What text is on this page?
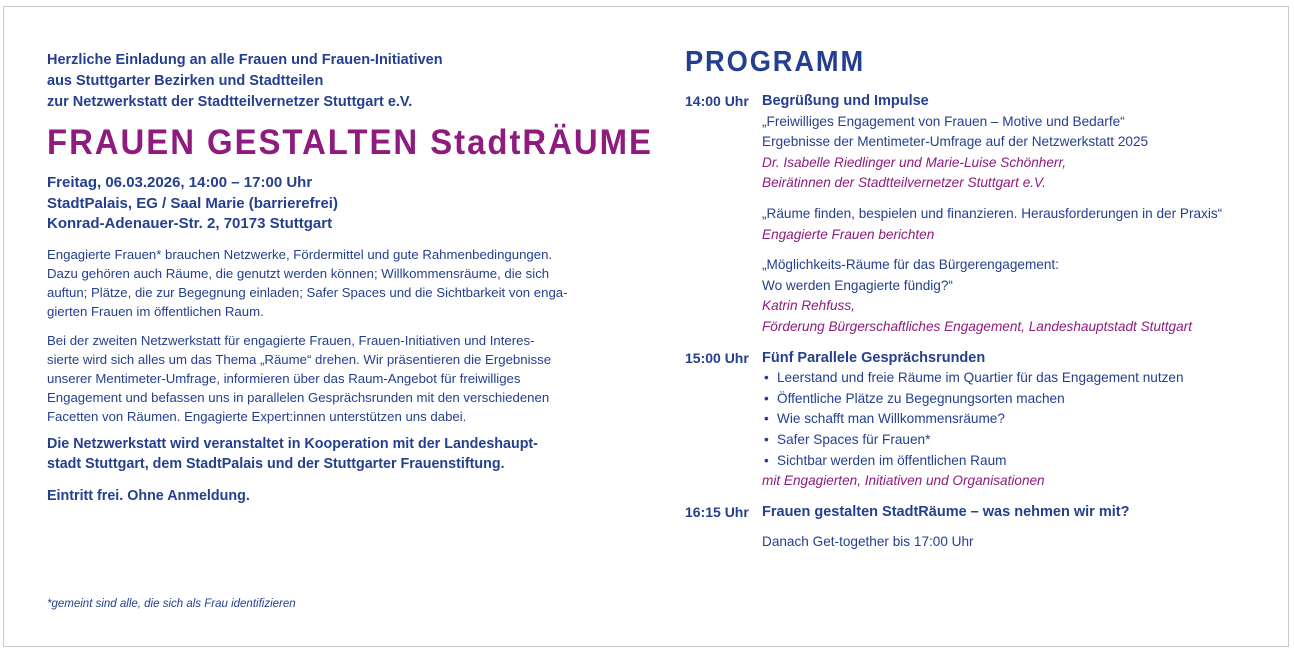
Herzliche Einladung an alle Frauen und Frauen-Initiativen
aus Stuttgarter Bezirken und Stadtteilen
zur Netzwerkstatt der Stadtteilvernetzer Stuttgart e.V.
FRAUEN GESTALTEN StadtRÄUME
Freitag, 06.03.2026, 14:00 – 17:00 Uhr
StadtPalais, EG / Saal Marie (barrierefrei)
Konrad-Adenauer-Str. 2, 70173 Stuttgart
Engagierte Frauen* brauchen Netzwerke, Fördermittel und gute Rahmenbedingungen.
Dazu gehören auch Räume, die genutzt werden können; Willkommensräume, die sich
auftun; Plätze, die zur Begegnung einladen; Safer Spaces und die Sichtbarkeit von enga-
gierten Frauen im öffentlichen Raum.
Bei der zweiten Netzwerkstatt für engagierte Frauen, Frauen-Initiativen und Interes-
sierte wird sich alles um das Thema „Räume“ drehen. Wir präsentieren die Ergebnisse
unserer Mentimeter-Umfrage, informieren über das Raum-Angebot für freiwilliges
Engagement und befassen uns in parallelen Gesprächsrunden mit den verschiedenen
Facetten von Räumen. Engagierte Expert:innen unterstützen uns dabei.
Die Netzwerkstatt wird veranstaltet in Kooperation mit der Landeshaupt-
stadt Stuttgart, dem StadtPalais und der Stuttgarter Frauenstiftung.
Eintritt frei. Ohne Anmeldung.
*gemeint sind alle, die sich als Frau identifizieren
PROGRAMM
14:00 Uhr Begrüßung und Impulse
„Freiwilliges Engagement von Frauen – Motive und Bedarfe“
Ergebnisse der Mentimeter-Umfrage auf der Netzwerkstatt 2025
Dr. Isabelle Riedlinger und Marie-Luise Schönherr,
Beirätinnen der Stadtteilvernetzer Stuttgart e.V.
„Räume finden, bespielen und finanzieren. Herausforderungen in der Praxis“
Engagierte Frauen berichten
„Möglichkeits-Räume für das Bürgerengagement:
Wo werden Engagierte fündig?“
Katrin Rehfuss,
Förderung Bürgerschaftliches Engagement, Landeshauptstadt Stuttgart
15:00 Uhr Fünf Parallele Gesprächsrunden
• Leerstand und freie Räume im Quartier für das Engagement nutzen
• Öffentliche Plätze zu Begegnungsorten machen
• Wie schafft man Willkommensräume?
• Safer Spaces für Frauen*
• Sichtbar werden im öffentlichen Raum
mit Engagierten, Initiativen und Organisationen
16:15 Uhr Frauen gestalten StadtRäume – was nehmen wir mit?
Danach Get-together bis 17:00 Uhr
